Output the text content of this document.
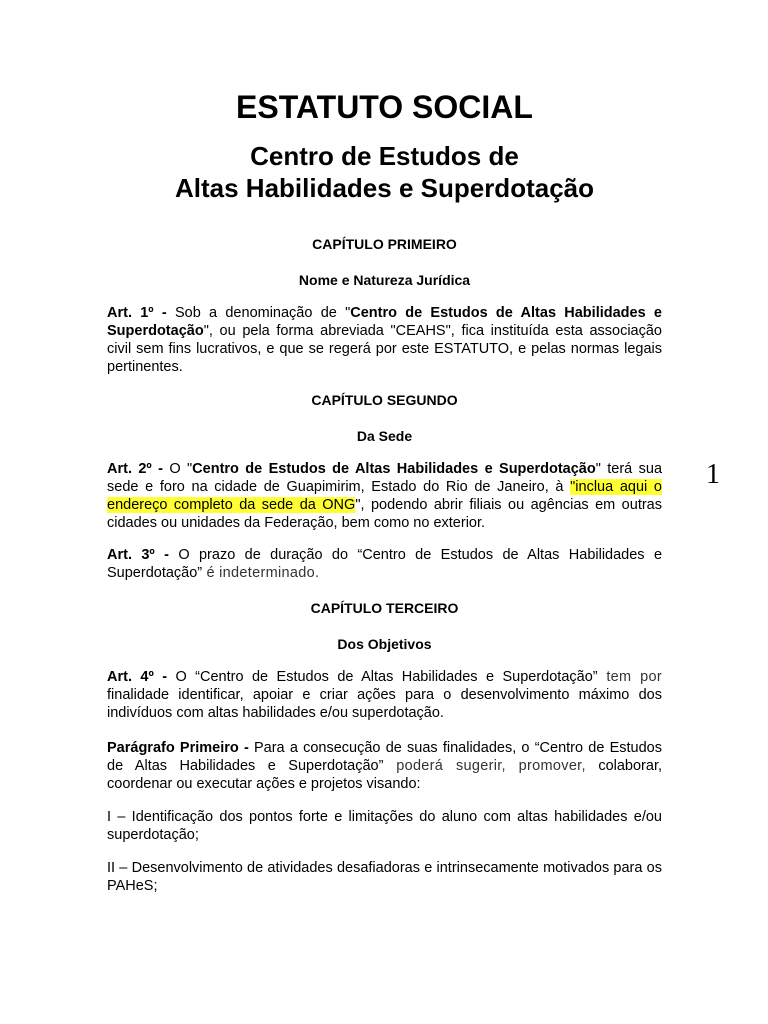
ESTATUTO SOCIAL
Centro de Estudos de
Altas Habilidades e Superdotação

CAPÍTULO PRIMEIRO

Nome e Natureza Jurídica

Art. 1º - Sob a denominação de "Centro de Estudos de Altas Habilidades e Superdotação", ou pela forma abreviada "CEAHS", fica instituída esta associação civil sem fins lucrativos, e que se regerá por este ESTATUTO, e pelas normas legais pertinentes.

CAPÍTULO SEGUNDO

Da Sede

Art. 2º - O "Centro de Estudos de Altas Habilidades e Superdotação" terá sua sede e foro na cidade de Guapimirim, Estado do Rio de Janeiro, à "inclua aqui o endereço completo da sede da ONG", podendo abrir filiais ou agências em outras cidades ou unidades da Federação, bem como no exterior.

Art. 3º - O prazo de duração do “Centro de Estudos de Altas Habilidades e Superdotação” é indeterminado.

CAPÍTULO TERCEIRO

Dos Objetivos

Art. 4º - O “Centro de Estudos de Altas Habilidades e Superdotação” tem por finalidade identificar, apoiar e criar ações para o desenvolvimento máximo dos indivíduos com altas habilidades e/ou superdotação.

Parágrafo Primeiro - Para a consecução de suas finalidades, o “Centro de Estudos de Altas Habilidades e Superdotação” poderá sugerir, promover, colaborar, coordenar ou executar ações e projetos visando:

I – Identificação dos pontos forte e limitações do aluno com altas habilidades e/ou superdotação;

II – Desenvolvimento de atividades desafiadoras e intrinsecamente motivados para os PAHeS;

1
